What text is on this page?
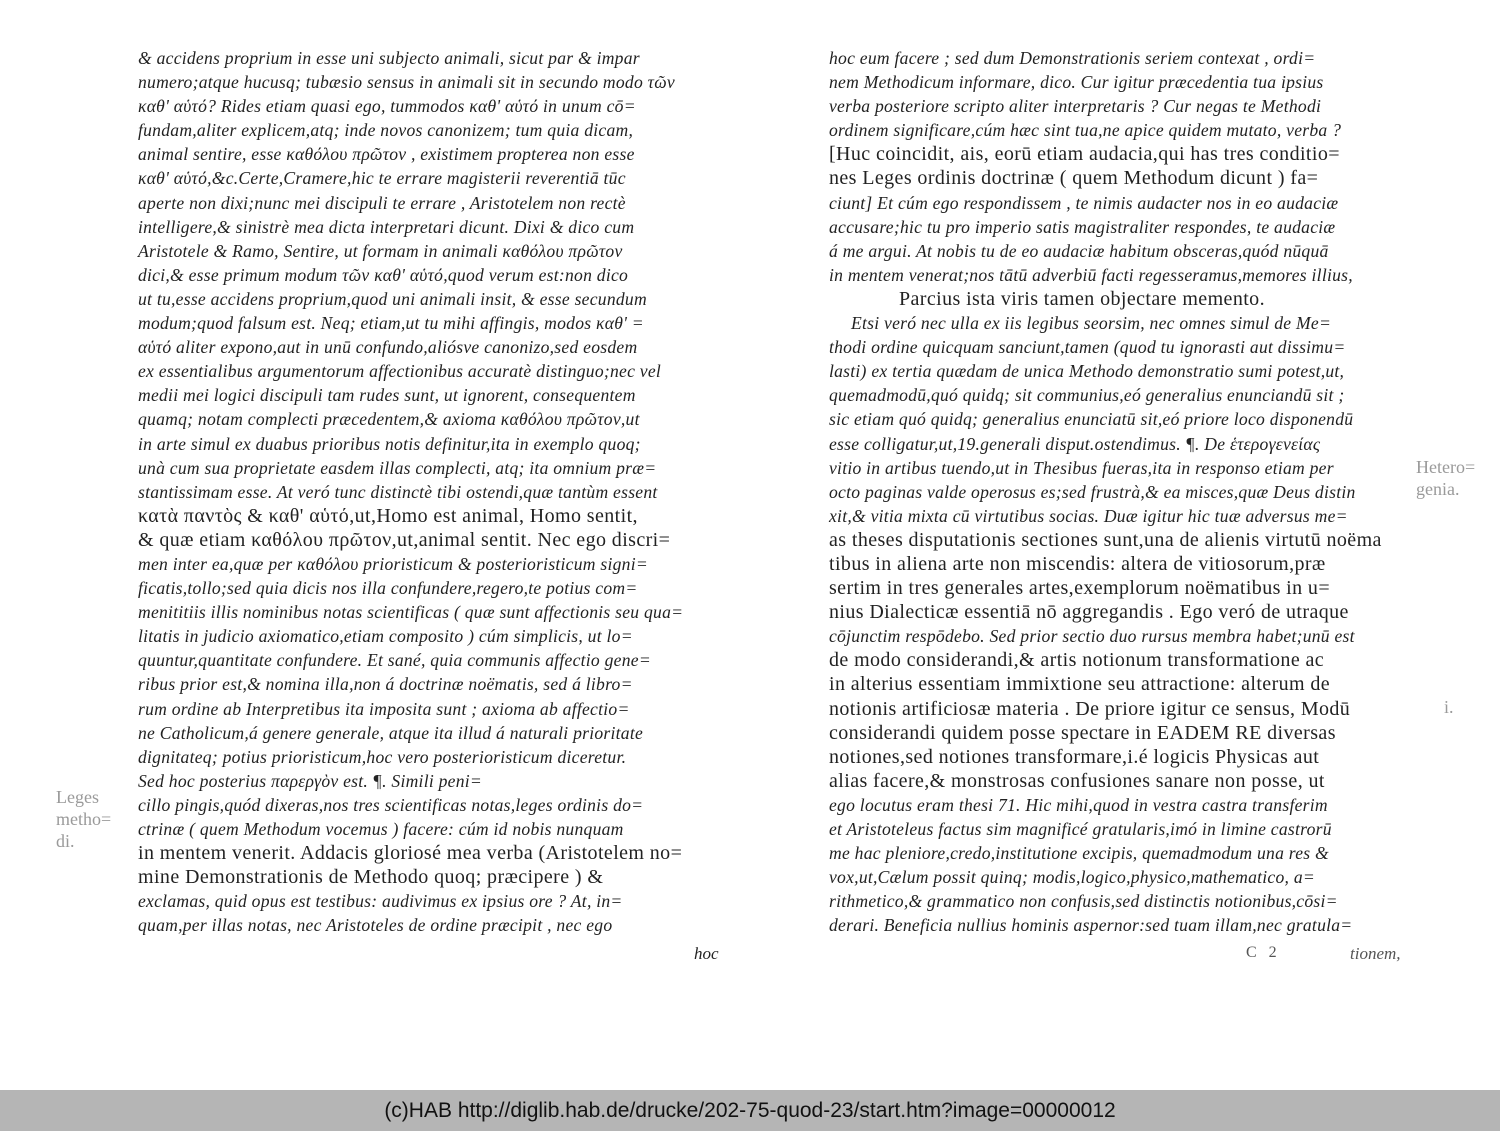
& accidens proprium in esse uni subjecto animali, sicut par & impar
numero;atque hucusq; tubæsio sensus in animali sit in secundo modo τῶν
καθ' αὑτό? Rides etiam quasi ego, tummodos καθ' αὑτό in unum cō=
fundam,aliter explicem,atq; inde novos canonizem; tum quia dicam,
animal sentire, esse καθόλου πρῶτον , existimem propterea non esse
καθ' αὑτό,&c.Certe,Cramere,hic te errare magisterii reverentiā tūc
aperte non dixi;nunc mei discipuli te errare , Aristotelem non rectè
intelligere,& sinistrè mea dicta interpretari dicunt. Dixi & dico cum
Aristotele & Ramo, Sentire, ut formam in animali καθόλου πρῶτον
dici,& esse primum modum τῶν καθ' αὑτό,quod verum est:non dico
ut tu,esse accidens proprium,quod uni animali insit, & esse secundum
modum;quod falsum est. Neq; etiam,ut tu mihi affingis, modos καθ' =
αὑτό aliter expono,aut in unū confundo,aliósve canonizo,sed eosdem
ex essentialibus argumentorum affectionibus accuratè distinguo;nec vel
medii mei logici discipuli tam rudes sunt, ut ignorent, consequentem
quamq; notam complecti præcedentem,& axioma καθόλου πρῶτον,ut
in arte simul ex duabus prioribus notis definitur,ita in exemplo quoq;
unà cum sua proprietate easdem illas complecti, atq; ita omnium præ=
stantissimam esse. At veró tunc distinctè tibi ostendi,quæ tantùm essent
κατὰ παντὸς & καθ' αὑτό,ut,Homo est animal, Homo sentit,
& quæ etiam καθόλου πρῶτον,ut,animal sentit. Nec ego discri=
men inter ea,quæ per καθόλου prioristicum & posterioristicum signi=
ficatis,tollo;sed quia dicis nos illa confundere,regero,te potius com=
menititiis illis nominibus notas scientificas ( quæ sunt affectionis seu qua=
litatis in judicio axiomatico,etiam composito ) cúm simplicis, ut lo=
quuntur,quantitate confundere. Et sané, quia communis affectio gene=
ribus prior est,& nomina illa,non á doctrinæ noëmatis, sed á libro=
rum ordine ab Interpretibus ita imposita sunt ; axioma ab affectio=
ne Catholicum,á genere generale, atque ita illud á naturali prioritate
dignitateq; potius prioristicum,hoc vero posterioristicum diceretur.
Sed hoc posterius παρεργὸν est. ¶. Simili peni=
cillo pingis,quód dixeras,nos tres scientificas notas,leges ordinis do=
ctrinæ ( quem Methodum vocemus ) facere: cúm id nobis nunquam
in mentem venerit. Addacis gloriosé mea verba (Aristotelem no=
mine Demonstrationis de Methodo quoq; præcipere ) &
exclamas, quid opus est testibus: audivimus ex ipsius ore ? At, in=
quam,per illas notas, nec Aristoteles de ordine præcipit , nec ego
hoc
Leges
metho=
di.
hoc eum facere ; sed dum Demonstrationis seriem contexat , ordi=
nem Methodicum informare, dico. Cur igitur præcedentia tua ipsius
verba posteriore scripto aliter interpretaris ? Cur negas te Methodi
ordinem significare,cúm hæc sint tua,ne apice quidem mutato, verba ?
[Huc coincidit, ais, eorū etiam audacia,qui has tres conditio=
nes Leges ordinis doctrinæ ( quem Methodum dicunt ) fa=
ciunt] Et cúm ego respondissem , te nimis audacter nos in eo audaciæ
accusare;hic tu pro imperio satis magistraliter respondes, te audaciæ
á me argui. At nobis tu de eo audaciæ habitum obsceras,quód nūquā
in mentem venerat;nos tātū adverbiū facti regesseramus,memores illius,
Parcius ista viris tamen objectare memento.
Etsi veró nec ulla ex iis legibus seorsim, nec omnes simul de Me=
thodi ordine quicquam sanciunt,tamen (quod tu ignorasti aut dissimu=
lasti) ex tertia quædam de unica Methodo demonstratio sumi potest,ut,
quemadmodū,quó quidq; sit communius,eó generalius enunciandū sit ;
sic etiam quó quidq; generalius enunciatū sit,eó priore loco disponendū
esse colligatur,ut,19.generali disput.ostendimus. ¶. De ἑτερογενείας
vitio in artibus tuendo,ut in Thesibus fueras,ita in responso etiam per
octo paginas valde operosus es;sed frustrà,& ea misces,quæ Deus distin
xit,& vitia mixta cū virtutibus socias. Duæ igitur hic tuæ adversus me=
as theses disputationis sectiones sunt,una de alienis virtutū noëma
tibus in aliena arte non miscendis: altera de vitiosorum,præ
sertim in tres generales artes,exemplorum noëmatibus in u=
nius Dialecticæ essentiā nō aggregandis . Ego veró de utraque
cōjunctim respōdebo. Sed prior sectio duo rursus membra habet;unū est
de modo considerandi,& artis notionum transformatione ac
in alterius essentiam immixtione seu attractione: alterum de
notionis artificiosæ materia . De priore igitur ce sensus, Modū
considerandi quidem posse spectare in EADEM RE diversas
notiones,sed notiones transformare,i.é logicis Physicas aut
alias facere,& monstrosas confusiones sanare non posse, ut
ego locutus eram thesi 71. Hic mihi,quod in vestra castra transferim
et Aristoteleus factus sim magnificé gratularis,imó in limine castrorū
me hac pleniore,credo,institutione excipis, quemadmodum una res &
vox,ut,Cælum possit quinq; modis,logico,physico,mathematico, a=
rithmetico,& grammatico non confusis,sed distinctis notionibus,cōsi=
derari. Beneficia nullius hominis aspernor:sed tuam illam,nec gratula=
C 2	tionem,
Hetero=
genia.
i.
(c)HAB http://diglib.hab.de/drucke/202-75-quod-23/start.htm?image=00000012
